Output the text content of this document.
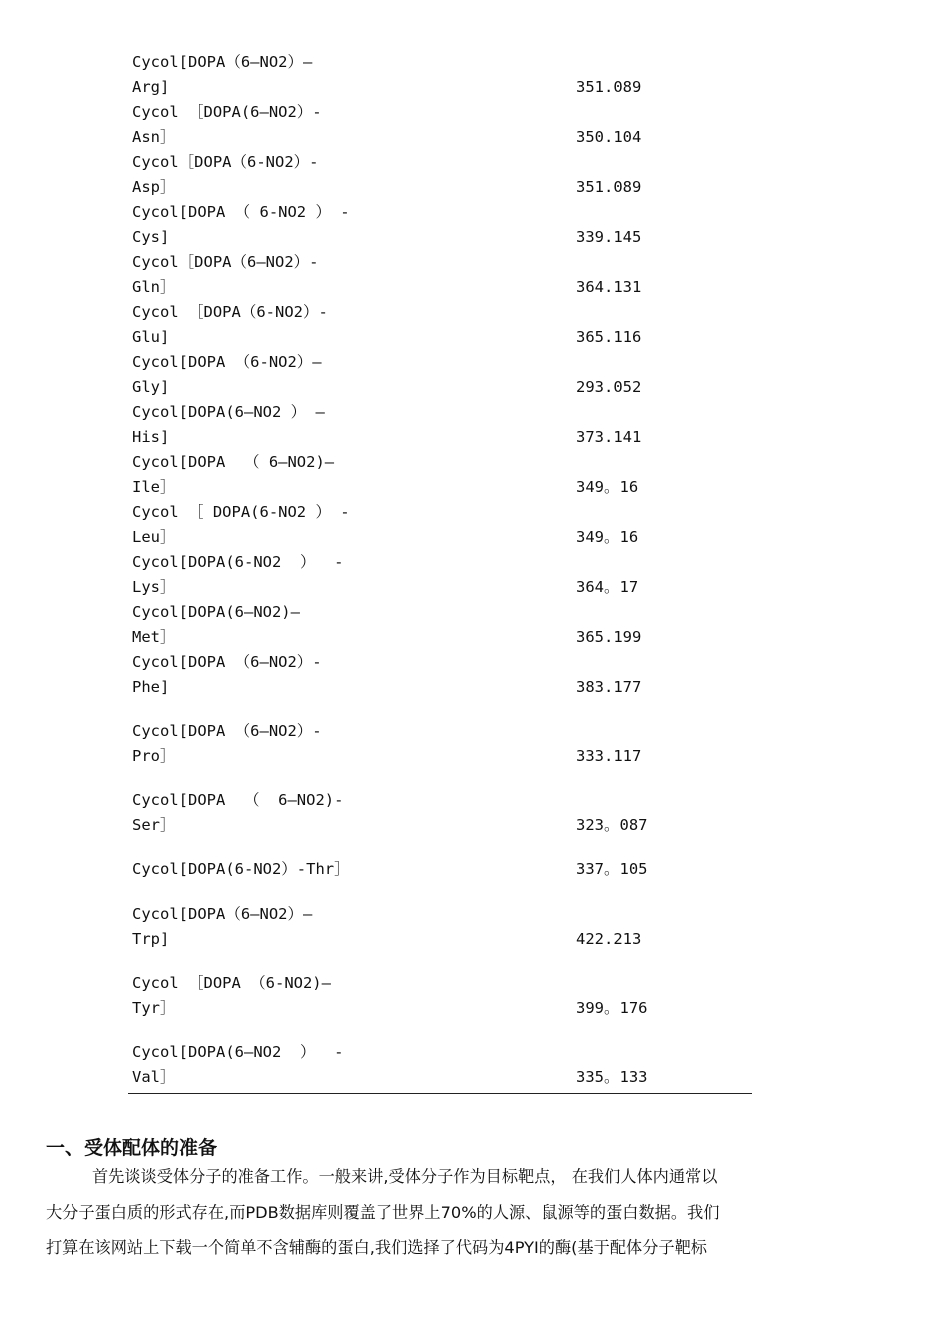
Cycol[DOPA（6—NO2）—
Arg]	351.089
Cycol ［DOPA(6—NO2）-
Asn］	350.104
Cycol［DOPA（6-NO2）-
Asp］	351.089
Cycol[DOPA （ 6-NO2 ） -
Cys]	339.145
Cycol［DOPA（6—NO2）-
Gln］	364.131
Cycol ［DOPA（6-NO2）-
Glu]	365.116
Cycol[DOPA （6-NO2）—
Gly]	293.052
Cycol[DOPA(6—NO2 ） —
His]	373.141
Cycol[DOPA  （ 6—NO2)—
Ile］	349。16
Cycol ［ DOPA(6-NO2 ） -
Leu］	349。16
Cycol[DOPA(6-NO2  ）  -
Lys］	364。17
Cycol[DOPA(6—NO2)—
Met］	365.199
Cycol[DOPA （6—NO2）-
Phe]	383.177
Cycol[DOPA （6—NO2）-
Pro］	333.117
Cycol[DOPA  （  6—NO2)-
Ser］	323。087
Cycol[DOPA(6-NO2）-Thr］	337。105
Cycol[DOPA（6—NO2）—
Trp]	422.213
Cycol ［DOPA （6-NO2)—
Tyr］	399。176
Cycol[DOPA(6—NO2  ）  -
Val］	335。133
一、受体配体的准备
首先谈谈受体分子的准备工作。一般来讲,受体分子作为目标靶点， 在我们人体内通常以
大分子蛋白质的形式存在,而PDB数据库则覆盖了世界上70%的人源、鼠源等的蛋白数据。我们
打算在该网站上下载一个简单不含辅酶的蛋白,我们选择了代码为4PYI的酶(基于配体分子靶标
